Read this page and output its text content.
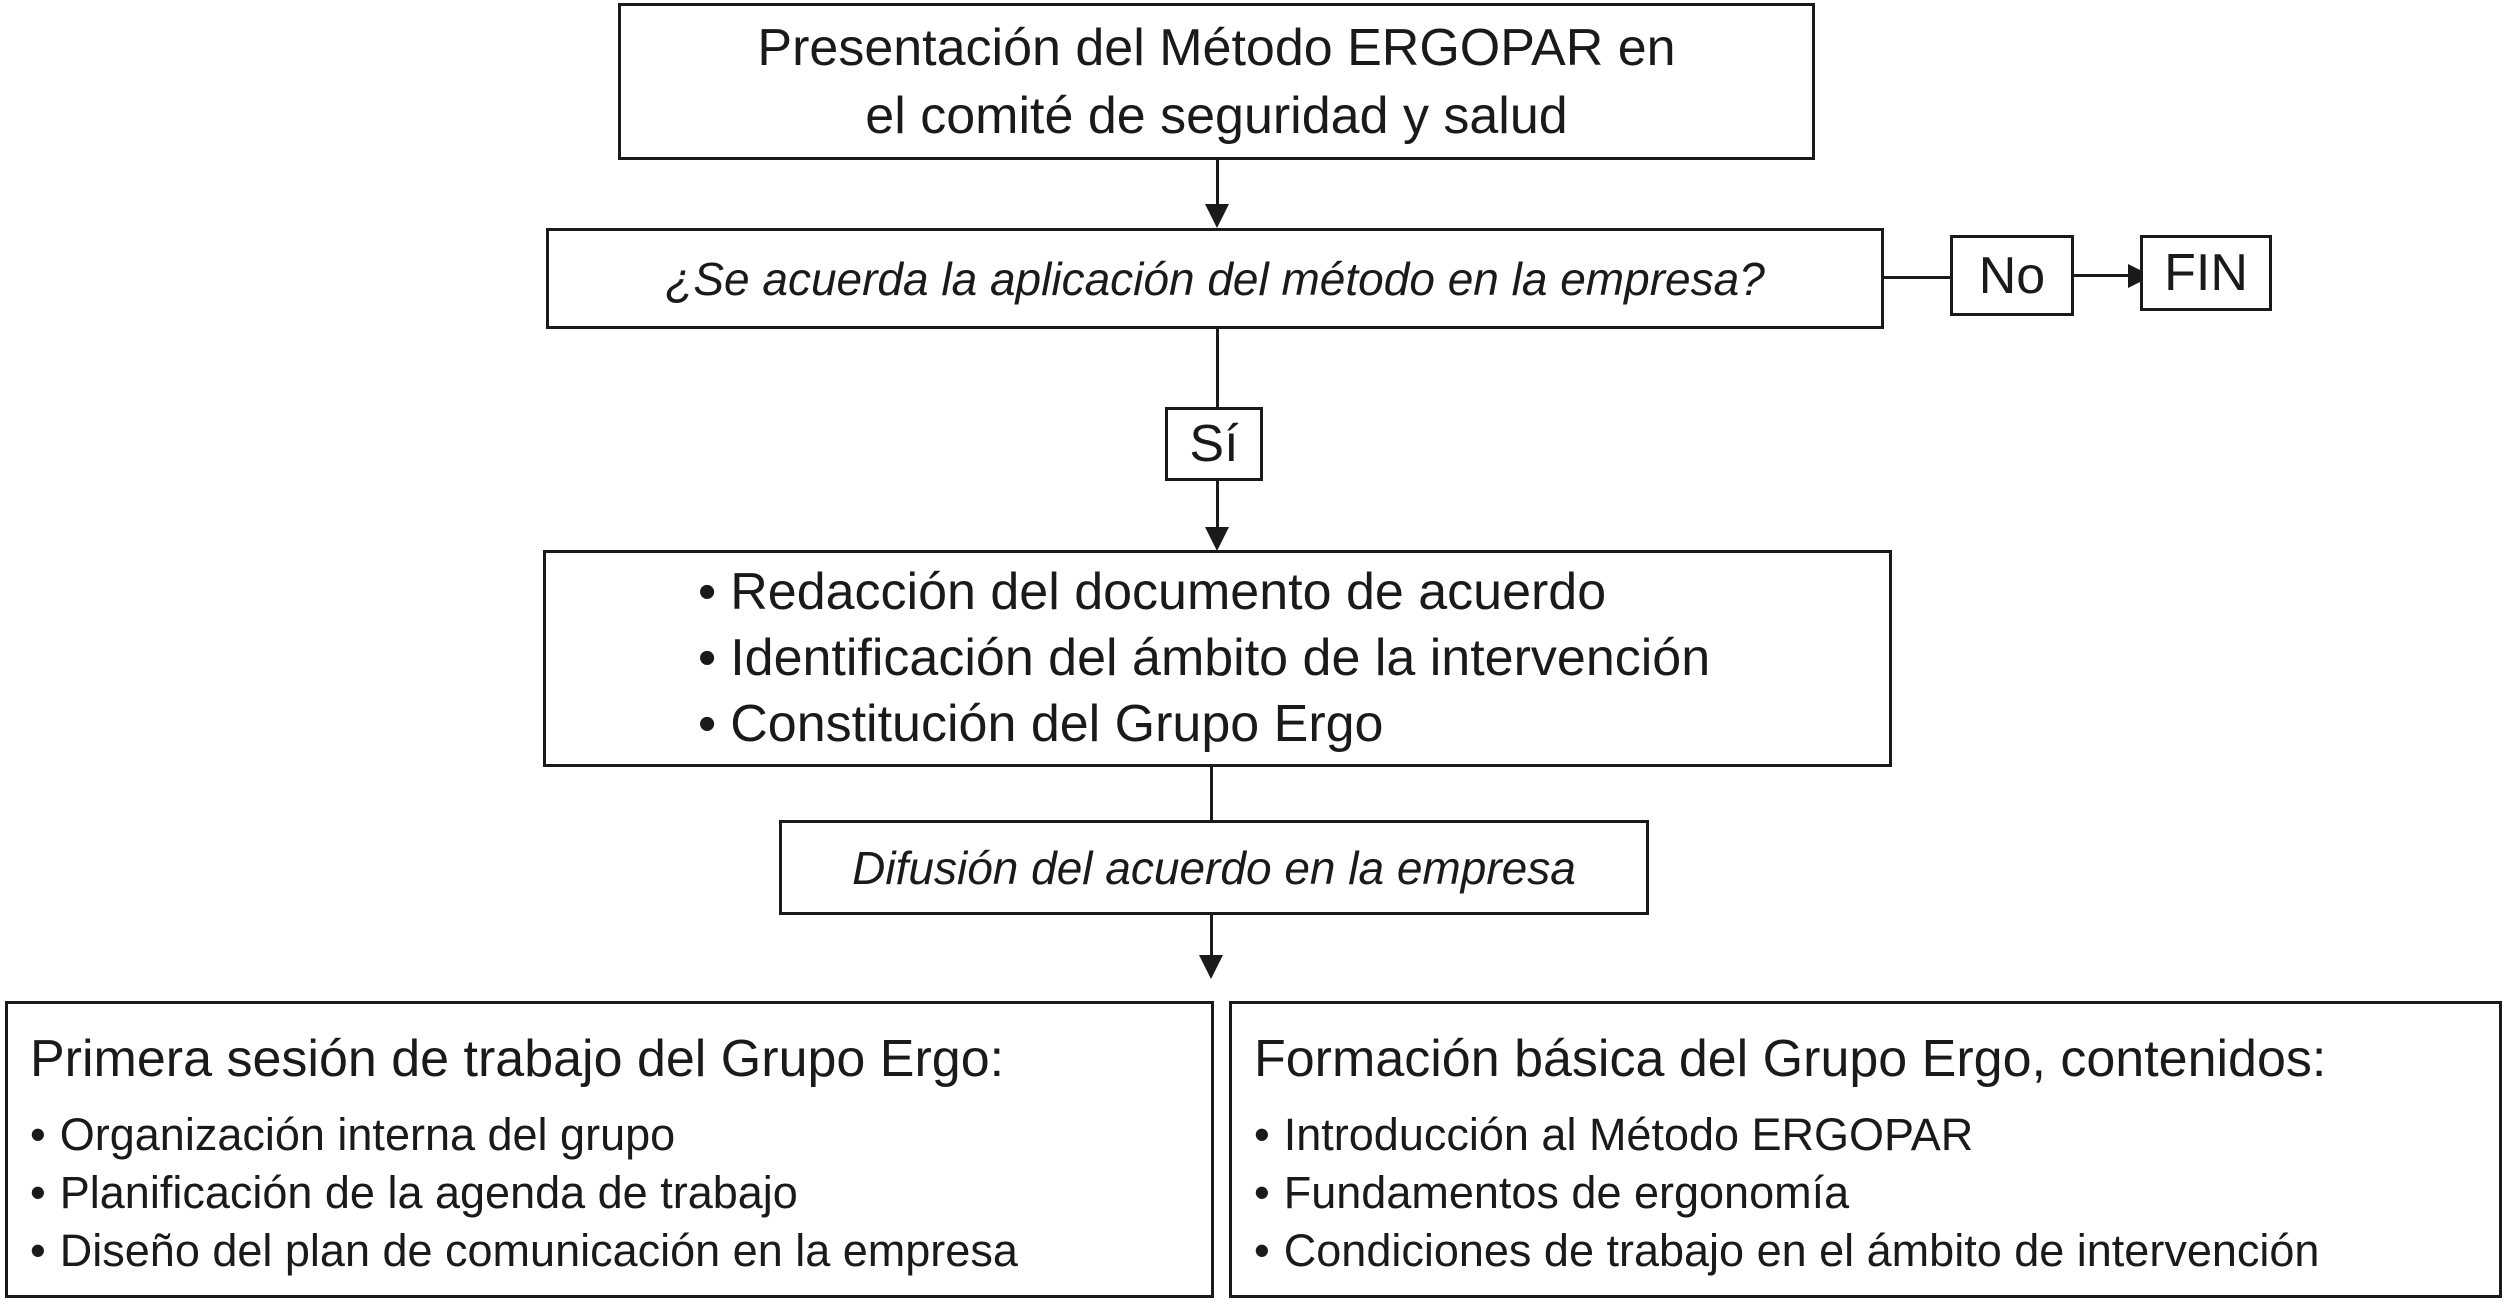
Presentación del Método ERGOPAR en
el comité de seguridad y salud
¿Se acuerda la aplicación del método en la empresa?	No FIN
Sí
• Redacción del documento de acuerdo
• Identificación del ámbito de la intervención
• Constitución del Grupo Ergo
Difusión del acuerdo en la empresa
Primera sesión de trabajo del Grupo Ergo:
• Organización interna del grupo
• Planificación de la agenda de trabajo
• Diseño del plan de comunicación en la empresa
Formación básica del Grupo Ergo, contenidos:
• Introducción al Método ERGOPAR
• Fundamentos de ergonomía
• Condiciones de trabajo en el ámbito de intervención
